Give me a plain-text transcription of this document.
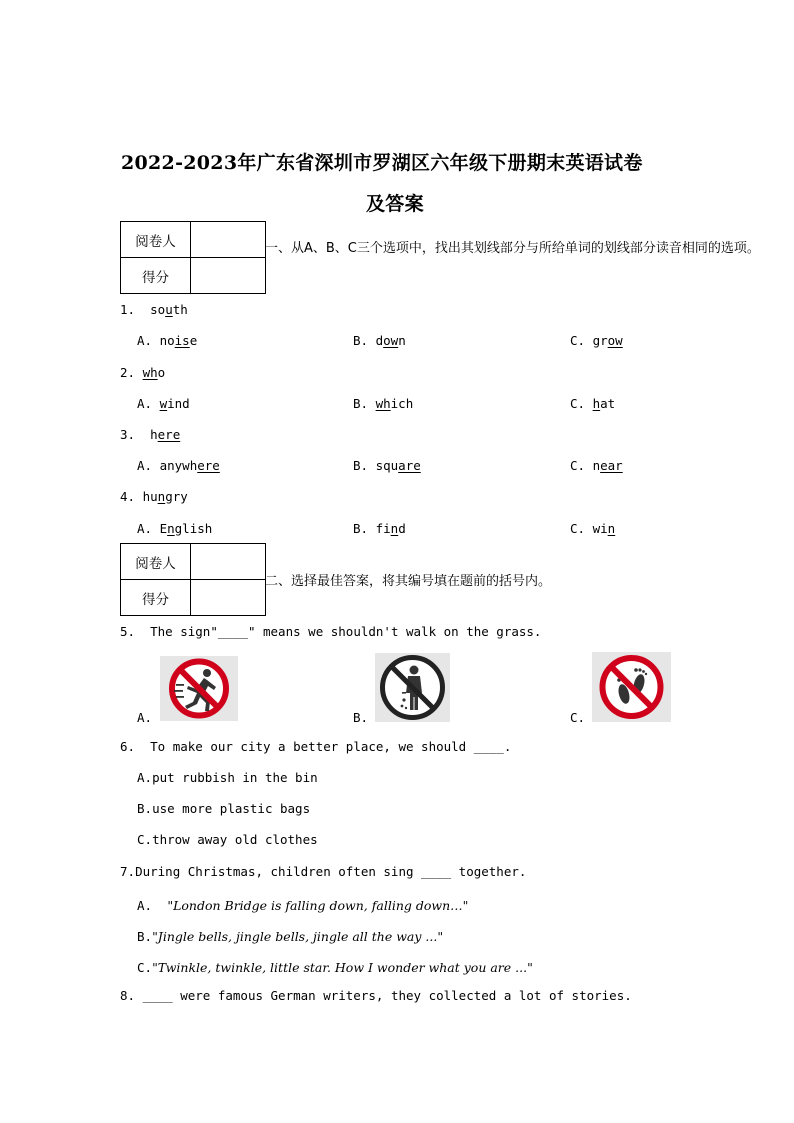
2022-2023年广东省深圳市罗湖区六年级下册期末英语试卷
及答案
阅卷人	
得分	
一、从A、B、C三个选项中，找出其划线部分与所给单词的划线部分读音相同的选项。
1. south
A. noise	B. down	C. grow
2. who
A. wind	B. which	C. hat
3. here
A. anywhere	B. square	C. near
4. hungry
A. English	B. find	C. win
阅卷人	
得分	
二、选择最佳答案，将其编号填在题前的括号内。
5. The sign"____" means we shouldn't walk on the grass.
A.	B.	C.
6. To make our city a better place, we should ____.
A.put rubbish in the bin
B.use more plastic bags
C.throw away old clothes
7.During Christmas, children often sing ____ together.
A. "London Bridge is falling down, falling down…"
B."Jingle bells, jingle bells, jingle all the way ..."
C."Twinkle, twinkle, little star. How I wonder what you are ..."
8. ____ were famous German writers, they collected a lot of stories.
